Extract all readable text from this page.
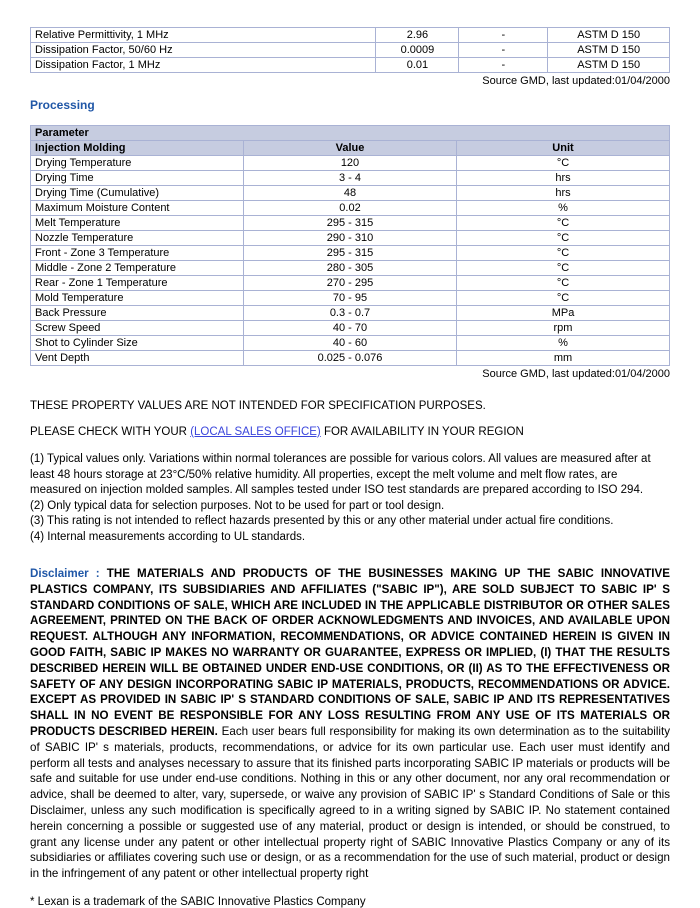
Relative Permittivity, 1 MHz	2.96	-	ASTM D 150
Dissipation Factor, 50/60 Hz	0.0009	-	ASTM D 150
Dissipation Factor, 1 MHz	0.01	-	ASTM D 150
Source GMD, last updated:01/04/2000
Processing
Parameter		
Injection Molding	Value	Unit
Drying Temperature	120	°C
Drying Time	3 - 4	hrs
Drying Time (Cumulative)	48	hrs
Maximum Moisture Content	0.02	%
Melt Temperature	295 - 315	°C
Nozzle Temperature	290 - 310	°C
Front - Zone 3 Temperature	295 - 315	°C
Middle - Zone 2 Temperature	280 - 305	°C
Rear - Zone 1 Temperature	270 - 295	°C
Mold Temperature	70 - 95	°C
Back Pressure	0.3 - 0.7	MPa
Screw Speed	40 - 70	rpm
Shot to Cylinder Size	40 - 60	%
Vent Depth	0.025 - 0.076	mm
Source GMD, last updated:01/04/2000
THESE PROPERTY VALUES ARE NOT INTENDED FOR SPECIFICATION PURPOSES.
PLEASE CHECK WITH YOUR (LOCAL SALES OFFICE) FOR AVAILABILITY IN YOUR REGION
(1) Typical values only. Variations within normal tolerances are possible for various colors. All values are measured after at least 48 hours storage at 23°C/50% relative humidity. All properties, except the melt volume and melt flow rates, are measured on injection molded samples. All samples tested under ISO test standards are prepared according to ISO 294.
(2) Only typical data for selection purposes. Not to be used for part or tool design.
(3) This rating is not intended to reflect hazards presented by this or any other material under actual fire conditions.
(4) Internal measurements according to UL standards.
Disclaimer : THE MATERIALS AND PRODUCTS OF THE BUSINESSES MAKING UP THE SABIC INNOVATIVE PLASTICS COMPANY, ITS SUBSIDIARIES AND AFFILIATES ("SABIC IP"), ARE SOLD SUBJECT TO SABIC IP' S STANDARD CONDITIONS OF SALE, WHICH ARE INCLUDED IN THE APPLICABLE DISTRIBUTOR OR OTHER SALES AGREEMENT, PRINTED ON THE BACK OF ORDER ACKNOWLEDGMENTS AND INVOICES, AND AVAILABLE UPON REQUEST. ALTHOUGH ANY INFORMATION, RECOMMENDATIONS, OR ADVICE CONTAINED HEREIN IS GIVEN IN GOOD FAITH, SABIC IP MAKES NO WARRANTY OR GUARANTEE, EXPRESS OR IMPLIED, (I) THAT THE RESULTS DESCRIBED HEREIN WILL BE OBTAINED UNDER END-USE CONDITIONS, OR (II) AS TO THE EFFECTIVENESS OR SAFETY OF ANY DESIGN INCORPORATING SABIC IP MATERIALS, PRODUCTS, RECOMMENDATIONS OR ADVICE. EXCEPT AS PROVIDED IN SABIC IP' S STANDARD CONDITIONS OF SALE, SABIC IP AND ITS REPRESENTATIVES SHALL IN NO EVENT BE RESPONSIBLE FOR ANY LOSS RESULTING FROM ANY USE OF ITS MATERIALS OR PRODUCTS DESCRIBED HEREIN. Each user bears full responsibility for making its own determination as to the suitability of SABIC IP' s materials, products, recommendations, or advice for its own particular use. Each user must identify and perform all tests and analyses necessary to assure that its finished parts incorporating SABIC IP materials or products will be safe and suitable for use under end-use conditions. Nothing in this or any other document, nor any oral recommendation or advice, shall be deemed to alter, vary, supersede, or waive any provision of SABIC IP' s Standard Conditions of Sale or this Disclaimer, unless any such modification is specifically agreed to in a writing signed by SABIC IP. No statement contained herein concerning a possible or suggested use of any material, product or design is intended, or should be construed, to grant any license under any patent or other intellectual property right of SABIC Innovative Plastics Company or any of its subsidiaries or affiliates covering such use or design, or as a recommendation for the use of such material, product or design in the infringement of any patent or other intellectual property right
* Lexan is a trademark of the SABIC Innovative Plastics Company
